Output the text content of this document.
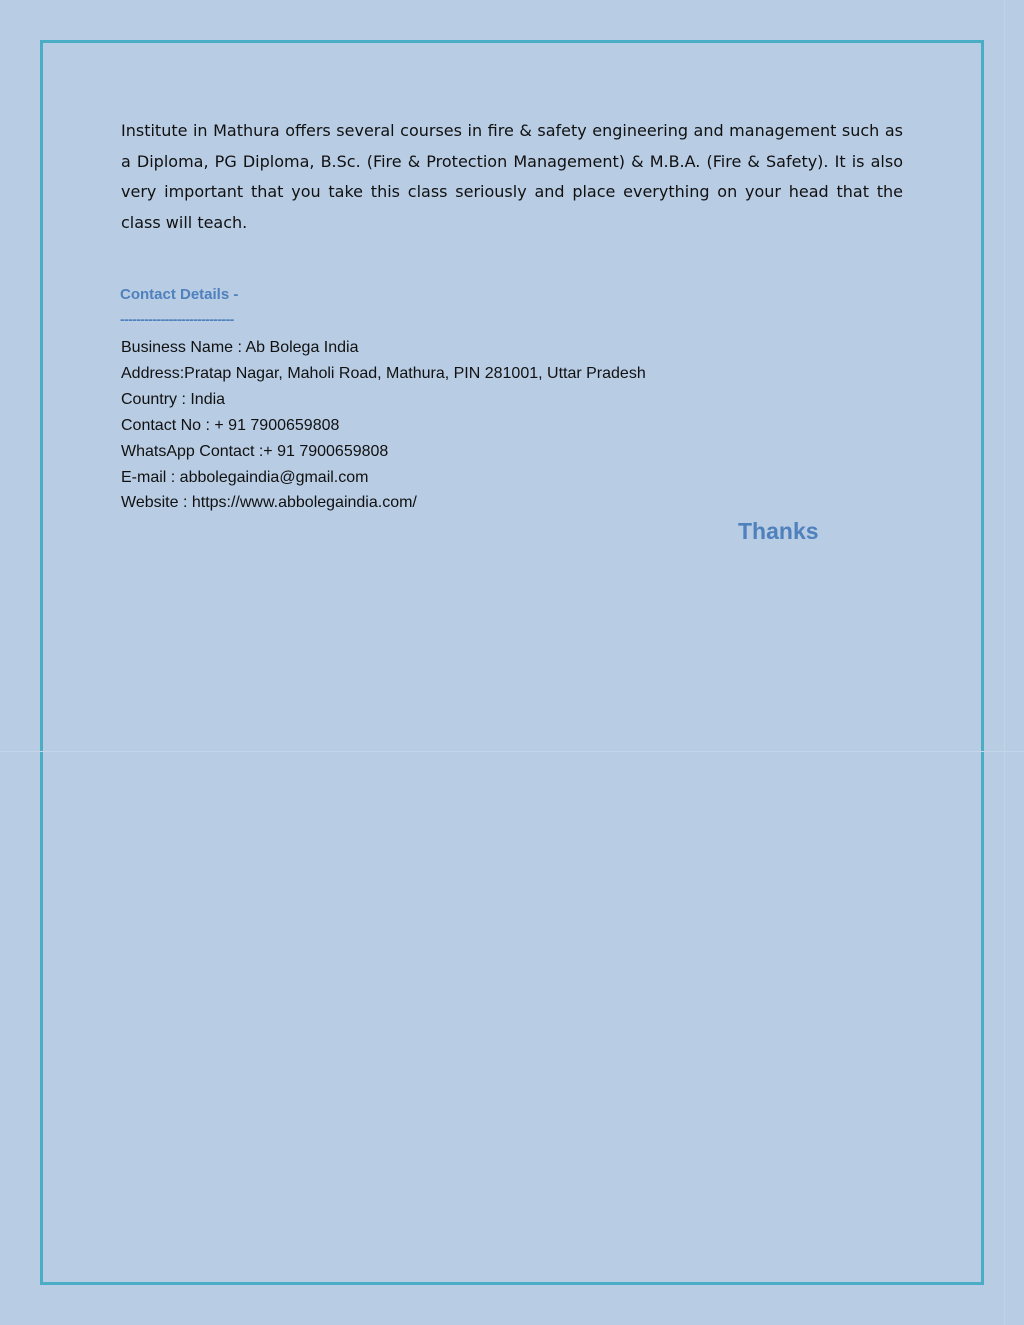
Institute in Mathura offers several courses in fire & safety engineering and management such as a Diploma, PG Diploma, B.Sc. (Fire & Protection Management) & M.B.A. (Fire & Safety). It is also very important that you take this class seriously and place everything on your head that the class will teach.

Contact Details -

----------------------------

Business Name : Ab Bolega India
Address:Pratap Nagar, Maholi Road, Mathura, PIN 281001, Uttar Pradesh
Country : India
Contact No : + 91 7900659808
WhatsApp Contact :+ 91 7900659808
E-mail : abbolegaindia@gmail.com
Website : https://www.abbolegaindia.com/

Thanks
